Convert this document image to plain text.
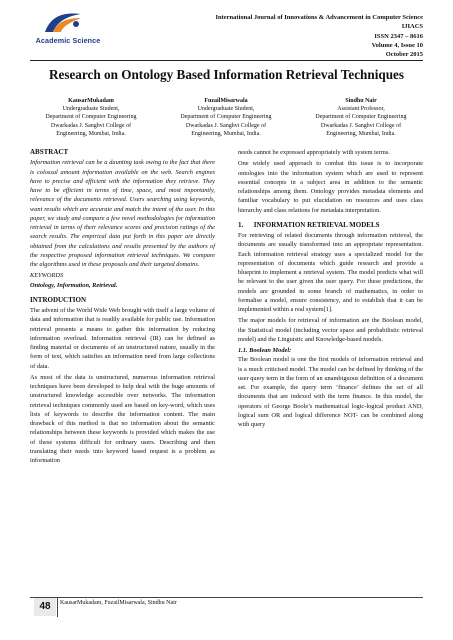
Academic Science
International Journal of Innovations & Advancement in Computer Science
IJIACS
ISSN 2347 – 8616
Volume 4, Issue 10
October 2015
Research on Ontology Based Information Retrieval Techniques
KausarMukadam
Undergraduate Student,
Department of Computer Engineering
Dwarkadas J. Sanghvi College of
Engineering, Mumbai, India.
FuzailMisarwala
Undergraduate Student,
Department of Computer Engineering
Dwarkadas J. Sanghvi College of
Engineering, Mumbai, India.
Sindhu Nair
Assistant Professor,
Department of Computer Engineering
Dwarkadas J. Sanghvi College of
Engineering, Mumbai, India.
ABSTRACT

Information retrieval can be a daunting task owing to the fact that there is colossal amount information available on the web. Search engines have to precise and efficient with the information they retrieve. They have to be efficient in terms of time, space, and most importantly, relevance of the documents retrieved. Users searching using keywords, want results which are accurate and match the intent of the user. In this paper, we study and compare a few novel methodologies for information retrieval in terms of their relevance scores and precision ratings of the search results. The empirical data put forth in this paper are directly obtained from the calculations and results presented by the authors of the respective proposed information retrieval techniques. We compare the algorithms used in these proposals and their targeted domains.

KEYWORDS
Ontology, Information, Retrieval.
INTRODUCTION

The advent of the World Wide Web brought with itself a large volume of data and information that is readily available for public use. Information retrieval presents a means to gather this information by reducing information overload. Information retrieval (IR) can be defined as finding material or documents of an unstructured nature, usually in the form of text, which satisfies an information need from large collections of data.

As most of the data is unstructured, numerous information retrieval techniques have been developed to help deal with the huge amounts of unstructured knowledge accessible over networks. The information retrieval techniques commonly used are based on key-word, which uses lists of keywords to describe the information content. The main drawback of this method is that no information about the semantic relationships between these keywords is provided which makes the use of these systems difficult for ordinary users. Describing and then translating their needs into keyword based request is a problem as information

needs cannot be expressed appropriately with system terms.

One widely used approach to combat this issue is to incorporate ontologies into the information system which are used to represent essential concepts in a subject area in addition to the semantic relationships among them. Ontology provides metadata elements and familiar vocabulary to put elucidation on resources and uses class hierarchy and class relations for metadata interpretation.

1.      INFORMATION RETRIEVAL MODELS

For retrieving of related documents through information retrieval, the documents are usually transformed into an appropriate representation. Each information retrieval strategy uses a specialized model for the representation of documents which guide research and provide a blueprint to implement a retrieval system. The model predicts what will be relevant to the user given the user query. For these predictions, the models are grounded in some branch of mathematics, in order to formalise a model, ensure consistency, and to establish that it can be implemented within a real system[1].

The major models for retrieval of information are the Boolean model, the Statistical model (including vector space and probabilistic retrieval model) and the Linguistic and Knowledge-based models.

1.1. Boolean Model:

The Boolean model is one the first models of information retrieval and is a much criticised model. The model can be defined by thinking of the user query term in the form of an unambiguous definition of a document set. For example, the query term ‘finance’ defines the set of all documents that are indexed with the term finance. In this model, the operators of George Boole’s mathematical logic-logical product AND, logical sum OR and logical difference NOT- can be combined along with query

48	KausarMukadam, FuzailMisarwala, Sindhu Nair
